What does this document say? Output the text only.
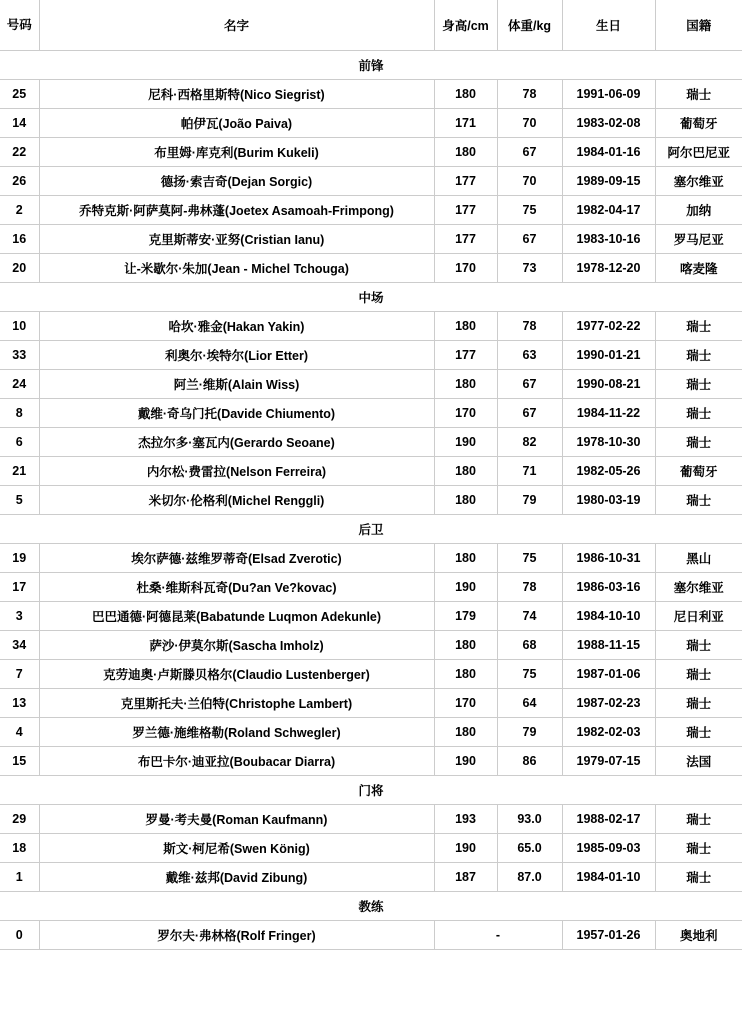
号码	名字	身高/cm	体重/kg	生日	国籍
前锋					
25	尼科·西格里斯特(Nico Siegrist)	180	78	1991-06-09	瑞士
14	帕伊瓦(João Paiva)	171	70	1983-02-08	葡萄牙
22	布里姆·库克利(Burim Kukeli)	180	67	1984-01-16	阿尔巴尼亚
26	德扬·索吉奇(Dejan Sorgic)	177	70	1989-09-15	塞尔维亚
2	乔特克斯·阿萨莫阿-弗林蓬(Joetex Asamoah-Frimpong)	177	75	1982-04-17	加纳
16	克里斯蒂安·亚努(Cristian Ianu)	177	67	1983-10-16	罗马尼亚
20	让-米歇尔·朱加(Jean - Michel Tchouga)	170	73	1978-12-20	喀麦隆
中场					
10	哈坎·雅金(Hakan Yakin)	180	78	1977-02-22	瑞士
33	利奥尔·埃特尔(Lior Etter)	177	63	1990-01-21	瑞士
24	阿兰·维斯(Alain Wiss)	180	67	1990-08-21	瑞士
8	戴维·奇乌门托(Davide Chiumento)	170	67	1984-11-22	瑞士
6	杰拉尔多·塞瓦内(Gerardo Seoane)	190	82	1978-10-30	瑞士
21	内尔松·费雷拉(Nelson Ferreira)	180	71	1982-05-26	葡萄牙
5	米切尔·伦格利(Michel Renggli)	180	79	1980-03-19	瑞士
后卫					
19	埃尔萨德·兹维罗蒂奇(Elsad Zverotic)	180	75	1986-10-31	黑山
17	杜桑·维斯科瓦奇(Du?an Ve?kovac)	190	78	1986-03-16	塞尔维亚
3	巴巴通德·阿德昆莱(Babatunde Luqmon Adekunle)	179	74	1984-10-10	尼日利亚
34	萨沙·伊莫尔斯(Sascha Imholz)	180	68	1988-11-15	瑞士
7	克劳迪奥·卢斯滕贝格尔(Claudio Lustenberger)	180	75	1987-01-06	瑞士
13	克里斯托夫·兰伯特(Christophe Lambert)	170	64	1987-02-23	瑞士
4	罗兰德·施维格勒(Roland Schwegler)	180	79	1982-02-03	瑞士
15	布巴卡尔·迪亚拉(Boubacar Diarra)	190	86	1979-07-15	法国
门将					
29	罗曼·考夫曼(Roman Kaufmann)	193	93.0	1988-02-17	瑞士
18	斯文·柯尼希(Swen König)	190	65.0	1985-09-03	瑞士
1	戴维·兹邦(David Zibung)	187	87.0	1984-01-10	瑞士
教练					
0	罗尔夫·弗林格(Rolf Fringer)	-		1957-01-26	奥地利
